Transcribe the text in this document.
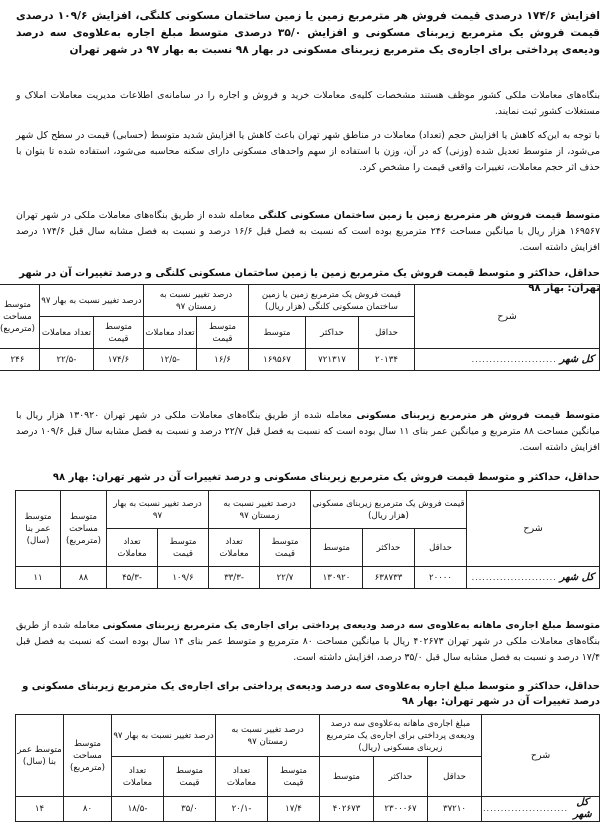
افزایش ۱۷۴/۶ درصدی قیمت فروش هر مترمربع زمین یا زمین ساختمان مسکونی کلنگی، افزایش ۱۰۹/۶ درصدی قیمت فروش یک مترمربع زیربنای مسکونی و افزایش ۳۵/۰ درصدی متوسط مبلغ اجاره به‌علاوه‌ی سه درصد ودیعه‌ی پرداختی برای اجاره‌ی یک مترمربع زیربنای مسکونی در بهار ۹۸ نسبت به بهار ۹۷ در شهر تهران
بنگاه‌های معاملات ملکی کشور موظف هستند مشخصات کلیه‌ی معاملات خرید و فروش و اجاره را در سامانه‌ی اطلاعات مدیریت معاملات املاک و مستغلات کشور ثبت نمایند.
با توجه به این‌که کاهش یا افزایش حجم (تعداد) معاملات در مناطق شهر تهران باعث کاهش یا افزایش شدید متوسط (حسابی) قیمت در سطح کل شهر می‌شود، از متوسط تعدیل شده (وزنی) که در آن، وزن با استفاده از سهم واحدهای مسکونی دارای سکنه محاسبه می‌شود، استفاده شده تا بتوان با حذف اثر حجم معاملات، تغییرات واقعی قیمت را مشخص کرد.
متوسط قیمت فروش هر مترمربع زمین یا زمین ساختمان مسکونی کلنگی معامله شده از طریق بنگاه‌های معاملات ملکی در شهر تهران ۱۶۹۵۶۷ هزار ریال با میانگین مساحت ۲۴۶ مترمربع بوده است که نسبت به فصل قبل ۱۶/۶ درصد و نسبت به فصل مشابه سال قبل ۱۷۴/۶ درصد افزایش داشته است.
حداقل، حداکثر و متوسط قیمت فروش یک مترمربع زمین یا زمین ساختمان مسکونی کلنگی و درصد تغییرات آن در شهر تهران: بهار ۹۸
شرح	قیمت فروش یک مترمربع زمین یا زمین ساختمان مسکونی کلنگی (هزار ریال)			درصد تغییر نسبت به زمستان ۹۷		درصد تغییر نسبت به بهار ۹۷		متوسط مساحت (مترمربع)
	حداقل	حداکثر	متوسط	متوسط قیمت	تعداد معاملات	متوسط قیمت	تعداد معاملات	

کل شهر
........................	۲۰۱۳۴	۷۲۱۳۱۷	۱۶۹۵۶۷	۱۶/۶	-۱۲/۵	۱۷۴/۶	-۲۲/۵	۲۴۶
متوسط قیمت فروش هر مترمربع زیربنای مسکونی معامله شده از طریق بنگاه‌های معاملات ملکی در شهر تهران ۱۳۰۹۲۰ هزار ریال با میانگین مساحت ۸۸ مترمربع و میانگین عمر بنای ۱۱ سال بوده است که نسبت به فصل قبل ۲۲/۷ درصد و نسبت به فصل مشابه سال قبل ۱۰۹/۶ درصد افزایش داشته است.
حداقل، حداکثر و متوسط قیمت فروش یک مترمربع زیربنای مسکونی و درصد تغییرات آن در شهر تهران: بهار ۹۸
شرح	قیمت فروش یک مترمربع زیربنای مسکونی (هزار ریال)			درصد تغییر نسبت به زمستان ۹۷		درصد تغییر نسبت به بهار ۹۷		متوسط مساحت (مترمربع)	متوسط عمر بنا (سال)
	حداقل	حداکثر	متوسط	متوسط قیمت	تعداد معاملات	متوسط قیمت	تعداد معاملات		

کل شهر
........................	۲۰۰۰۰	۶۳۸۷۳۳	۱۳۰۹۲۰	۲۲/۷	-۳۳/۳	۱۰۹/۶	-۴۵/۳	۸۸	۱۱
متوسط مبلغ اجاره‌ی ماهانه به‌علاوه‌ی سه درصد ودیعه‌ی پرداختی برای اجاره‌ی یک مترمربع زیربنای مسکونی معامله شده از طریق بنگاه‌های معاملات ملکی در شهر تهران ۴۰۲۶۷۳ ریال با میانگین مساحت ۸۰ مترمربع و متوسط عمر بنای ۱۴ سال بوده است که نسبت به فصل قبل ۱۷/۴ درصد و نسبت به فصل مشابه سال قبل ۳۵/۰ درصد، افزایش داشته است.
حداقل، حداکثر و متوسط مبلغ اجاره به‌علاوه‌ی سه درصد ودیعه‌ی پرداختی برای اجاره‌ی یک مترمربع زیربنای مسکونی و درصد تغییرات آن در شهر تهران: بهار ۹۸
شرح	مبلغ اجاره‌ی ماهانه به‌علاوه‌ی سه درصد ودیعه‌ی پرداختی برای اجاره‌ی یک مترمربع زیربنای مسکونی (ریال)			درصد تغییر نسبت به زمستان ۹۷		درصد تغییر نسبت به بهار ۹۷		متوسط مساحت (مترمربع)	متوسط عمر بنا (سال)
	حداقل	حداکثر	متوسط	متوسط قیمت	تعداد معاملات	متوسط قیمت	تعداد معاملات		

کل شهر
........................	۳۷۲۱۰	۲۳۰۰۰۶۷	۴۰۲۶۷۳	۱۷/۴	-۲۰/۱	۳۵/۰	-۱۸/۵	۸۰	۱۴
